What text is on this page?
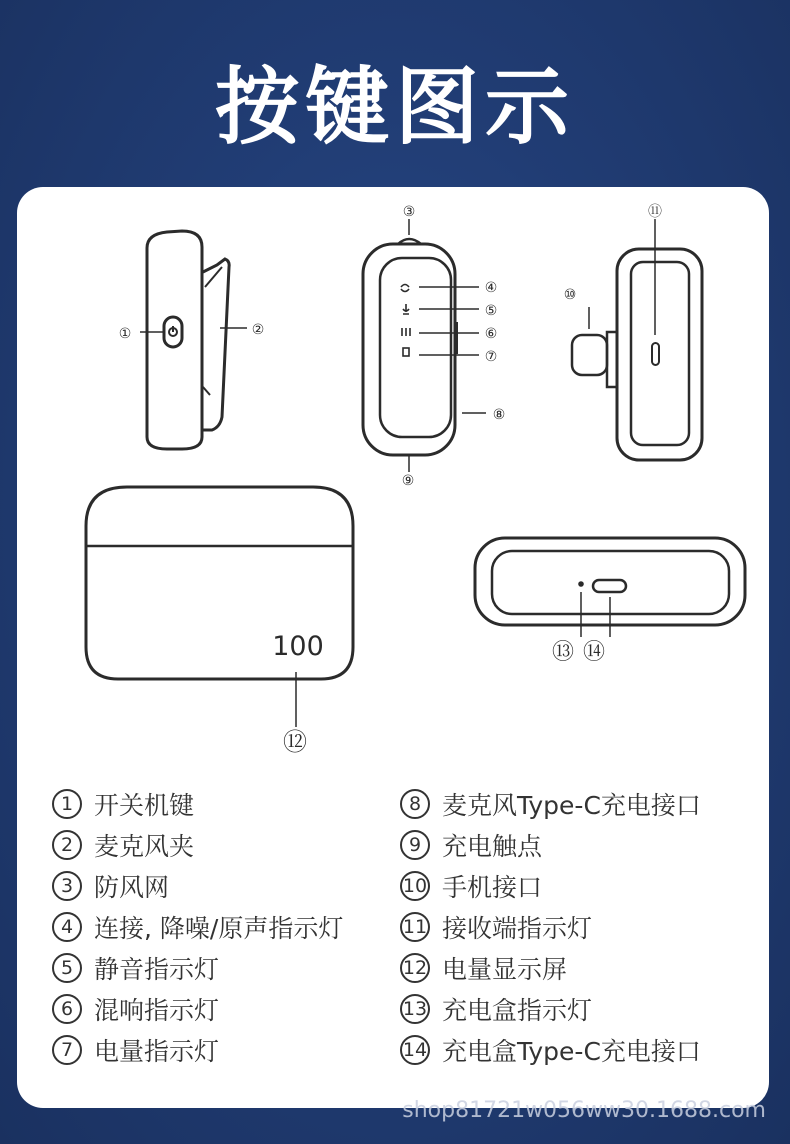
按键图示
100
①	②
③
④
⑤
⑥
⑦
⑧
⑨
⑩
⑪
⑫
⑬ ⑭
1 开关机键
2 麦克风夹
3 防风网
4 连接, 降噪/原声指示灯
5 静音指示灯
6 混响指示灯
7 电量指示灯
8 麦克风Type-C充电接口
9 充电触点
10 手机接口
11 接收端指示灯
12 电量显示屏
13 充电盒指示灯
14 充电盒Type-C充电接口
shop81721w056ww30.1688.com
